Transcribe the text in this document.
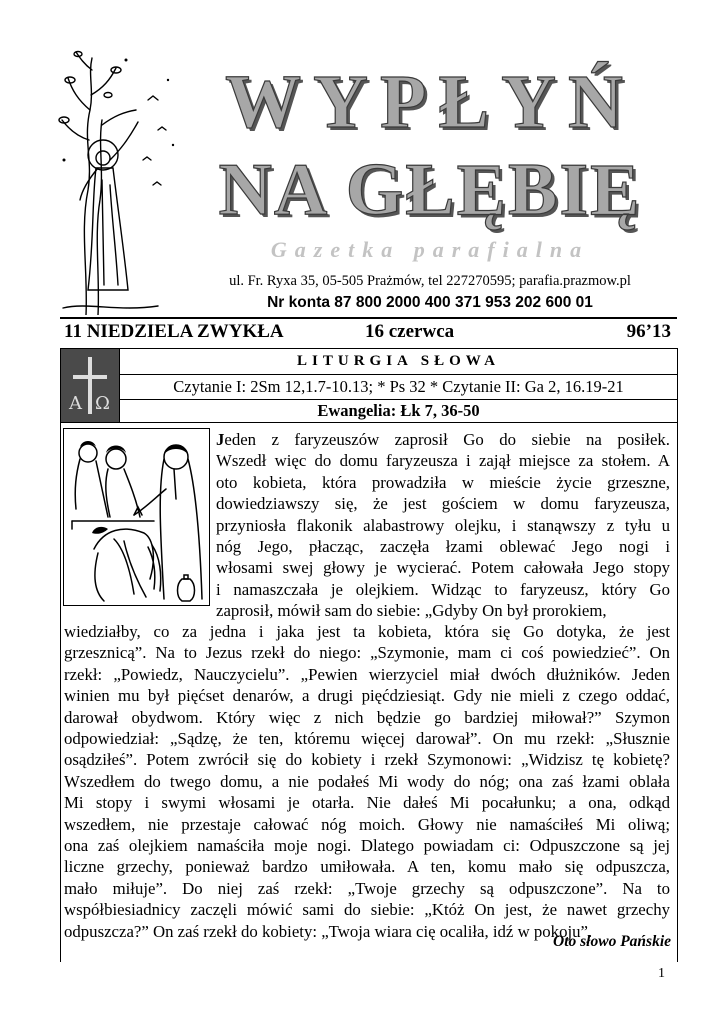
WYPŁYŃ
NA GŁĘBIĘ
Gazetka parafialna
ul. Fr. Ryxa 35, 05-505 Prażmów, tel 227270595; parafia.prazmow.pl
Nr konta 87 800 2000 400 371 953 202 600 01
11 NIEDZIELA ZWYKŁA	16 czerwca	96’13
A Ω
LITURGIA SŁOWA
Czytanie I: 2Sm 12,1.7-10.13; * Ps 32 * Czytanie II: Ga 2, 16.19-21
Ewangelia: Łk 7, 36-50
Jeden z faryzeuszów zaprosił Go do siebie na posiłek.
Wszedł więc do domu faryzeusza i zajął miejsce za stołem. A
oto kobieta, która prowadziła w mieście życie grzeszne,
dowiedziawszy się, że jest gościem w domu faryzeusza,
przyniosła flakonik alabastrowy olejku, i stanąwszy z tyłu u
nóg Jego, płacząc, zaczęła łzami oblewać Jego nogi i
włosami swej głowy je wycierać. Potem całowała Jego stopy
i namaszczała je olejkiem. Widząc to faryzeusz, który Go
zaprosił, mówił sam do siebie: „Gdyby On był prorokiem,
wiedziałby, co za jedna i jaka jest ta kobieta, która się Go dotyka, że jest
grzesznicą”. Na to Jezus rzekł do niego: „Szymonie, mam ci coś powiedzieć”. On
rzekł: „Powiedz, Nauczycielu”. „Pewien wierzyciel miał dwóch dłużników. Jeden
winien mu był pięćset denarów, a drugi pięćdziesiąt. Gdy nie mieli z czego oddać,
darował obydwom. Który więc z nich będzie go bardziej miłował?” Szymon
odpowiedział: „Sądzę, że ten, któremu więcej darował”. On mu rzekł: „Słusznie
osądziłeś”. Potem zwrócił się do kobiety i rzekł Szymonowi: „Widzisz tę kobietę?
Wszedłem do twego domu, a nie podałeś Mi wody do nóg; ona zaś łzami oblała
Mi stopy i swymi włosami je otarła. Nie dałeś Mi pocałunku; a ona, odkąd
wszedłem, nie przestaje całować nóg moich. Głowy nie namaściłeś Mi oliwą;
ona zaś olejkiem namaściła moje nogi. Dlatego powiadam ci: Odpuszczone są jej
liczne grzechy, ponieważ bardzo umiłowała. A ten, komu mało się odpuszcza,
mało miłuje”. Do niej zaś rzekł: „Twoje grzechy są odpuszczone”. Na to
współbiesiadnicy zaczęli mówić sami do siebie: „Któż On jest, że nawet grzechy
odpuszcza?” On zaś rzekł do kobiety: „Twoja wiara cię ocaliła, idź w pokoju”.
Oto słowo Pańskie
1
